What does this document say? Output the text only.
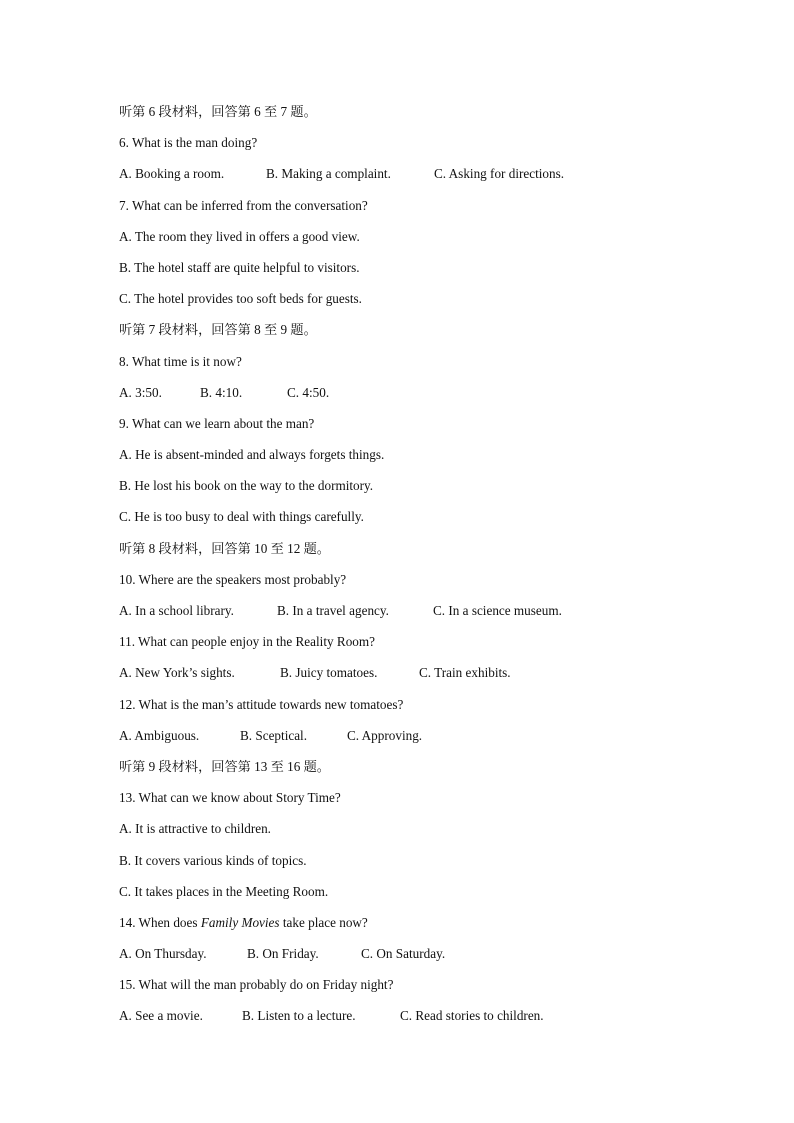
听第 6 段材料，回答第 6 至 7 题。
6. What is the man doing?
A. Booking a room.	B. Making a complaint.	C. Asking for directions.
7. What can be inferred from the conversation?
A. The room they lived in offers a good view.
B. The hotel staff are quite helpful to visitors.
C. The hotel provides too soft beds for guests.
听第 7 段材料，回答第 8 至 9 题。
8. What time is it now?
A. 3:50.	B. 4:10.	C. 4:50.
9. What can we learn about the man?
A. He is absent-minded and always forgets things.
B. He lost his book on the way to the dormitory.
C. He is too busy to deal with things carefully.
听第 8 段材料，回答第 10 至 12 题。
10. Where are the speakers most probably?
A. In a school library.	B. In a travel agency.	C. In a science museum.
11. What can people enjoy in the Reality Room?
A. New York’s sights.	B. Juicy tomatoes.	C. Train exhibits.
12. What is the man’s attitude towards new tomatoes?
A. Ambiguous.	B. Sceptical.	C. Approving.
听第 9 段材料，回答第 13 至 16 题。
13. What can we know about Story Time?
A. It is attractive to children.
B. It covers various kinds of topics.
C. It takes places in the Meeting Room.
14. When does Family Movies take place now?
A. On Thursday.	B. On Friday.	C. On Saturday.
15. What will the man probably do on Friday night?
A. See a movie.	B. Listen to a lecture.	C. Read stories to children.
